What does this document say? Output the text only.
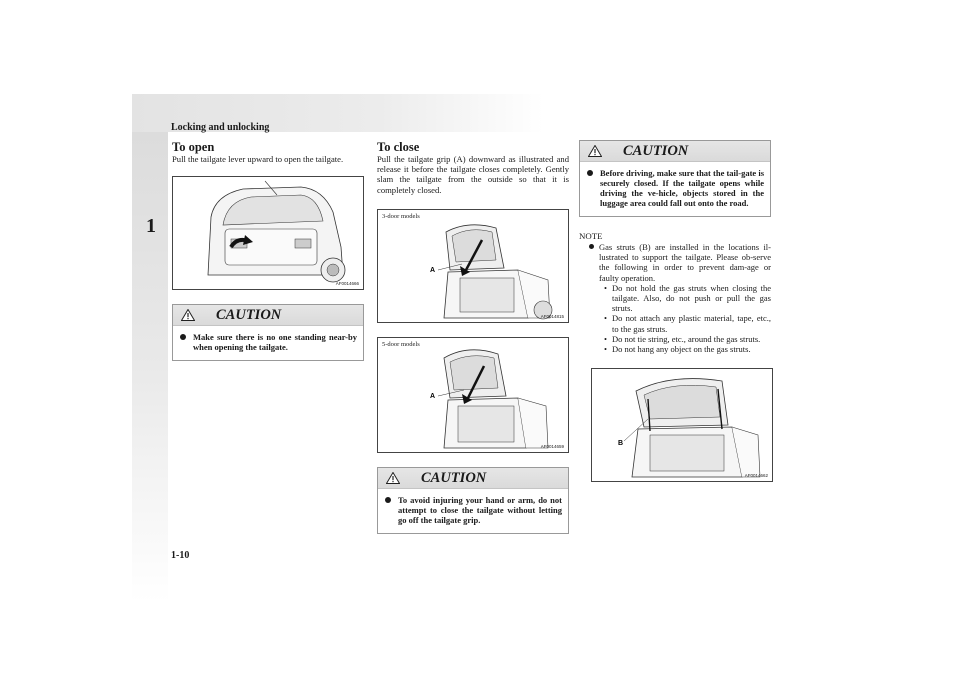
Locking and unlocking
1
1-10
To open

Pull the tailgate lever upward to open the tailgate.

AF0014666
CAUTION
Make sure there is no one standing near-by when opening the tailgate.
To close

Pull the tailgate grip (A) downward as illustrated and release it before the tailgate closes completely. Gently slam the tailgate from the outside so that it is completely closed.

3-door models
A
AF0014815
5-door models
A
AF0014659
CAUTION
To avoid injuring your hand or arm, do not attempt to close the tailgate without letting go off the tailgate grip.
CAUTION
Before driving, make sure that the tail-gate is securely closed. If the tailgate opens while driving the ve-hicle, objects stored in the luggage area could fall out onto the road.
NOTE
Gas struts (B) are installed in the locations il-lustrated to support the tailgate. Please ob-serve the following in order to prevent dam-age or faulty operation.
• Do not hold the gas struts when closing the tailgate. Also, do not push or pull the gas struts.
• Do not attach any plastic material, tape, etc., to the gas struts.
• Do not tie string, etc., around the gas struts.
• Do not hang any object on the gas struts.
B
AF0014662
